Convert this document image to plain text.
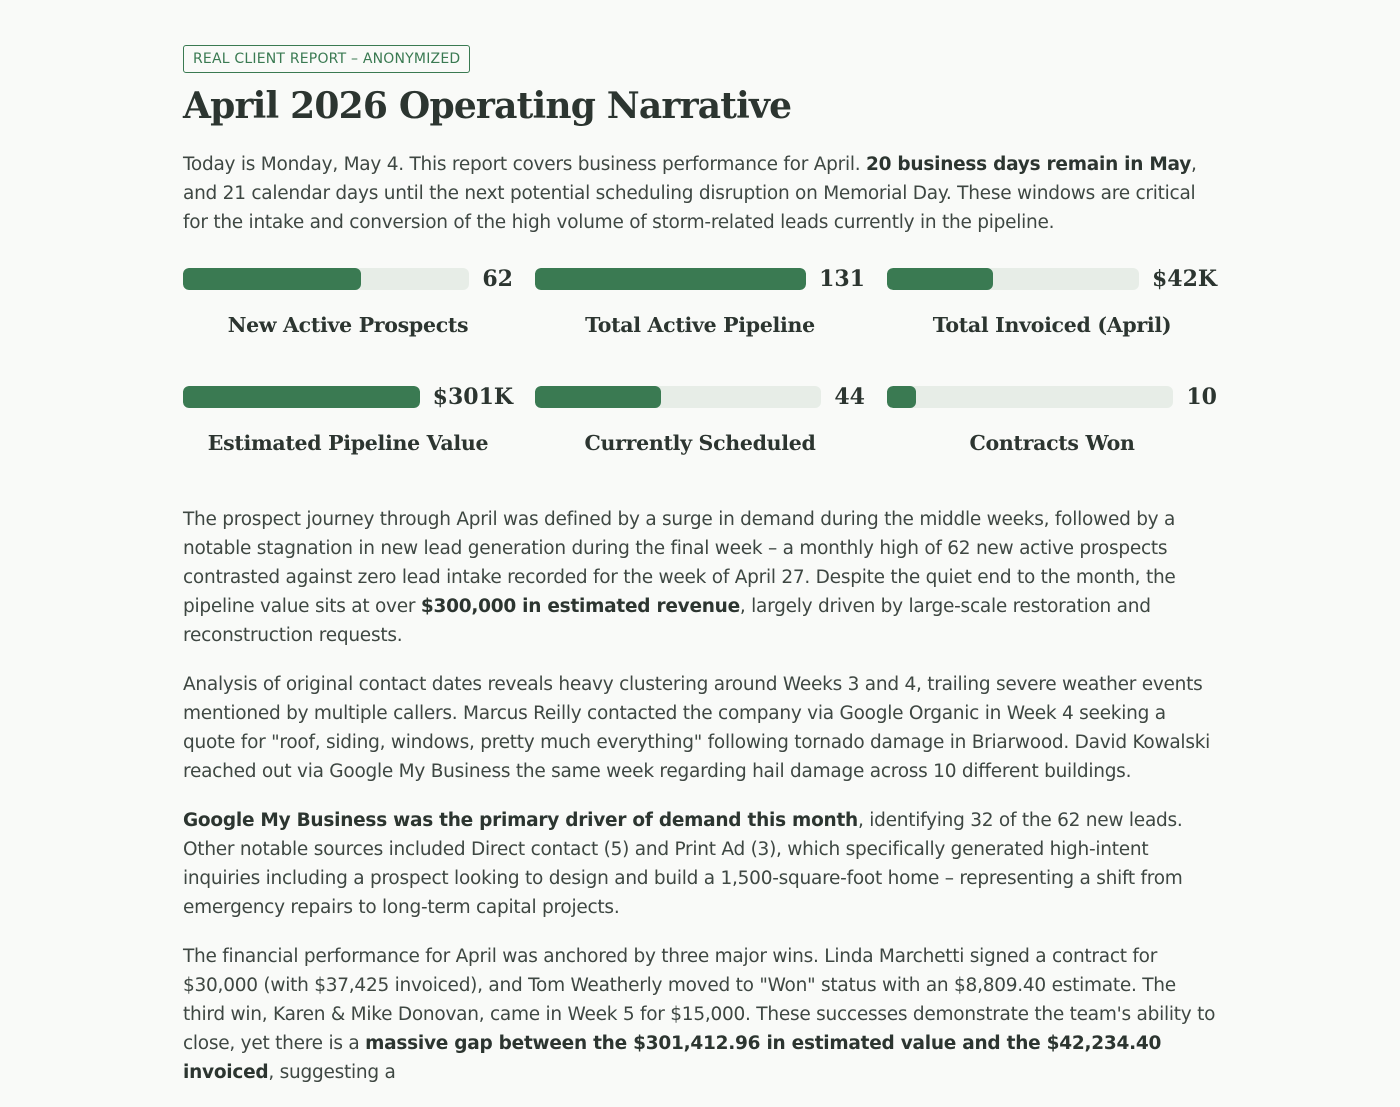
REAL CLIENT REPORT – ANONYMIZED
April 2026 Operating Narrative

Today is Monday, May 4. This report covers business performance for April. 20 business days remain in May, and 21 calendar days until the next potential scheduling disruption on Memorial Day. These windows are critical for the intake and conversion of the high volume of storm-related leads currently in the pipeline.

62
New Active Prospects
131
Total Active Pipeline
$42K
Total Invoiced (April)
$301K
Estimated Pipeline Value
44
Currently Scheduled
10
Contracts Won

The prospect journey through April was defined by a surge in demand during the middle weeks, followed by a notable stagnation in new lead generation during the final week – a monthly high of 62 new active prospects contrasted against zero lead intake recorded for the week of April 27. Despite the quiet end to the month, the pipeline value sits at over $300,000 in estimated revenue, largely driven by large-scale restoration and reconstruction requests.

Analysis of original contact dates reveals heavy clustering around Weeks 3 and 4, trailing severe weather events mentioned by multiple callers. Marcus Reilly contacted the company via Google Organic in Week 4 seeking a quote for "roof, siding, windows, pretty much everything" following tornado damage in Briarwood. David Kowalski reached out via Google My Business the same week regarding hail damage across 10 different buildings.

Google My Business was the primary driver of demand this month, identifying 32 of the 62 new leads. Other notable sources included Direct contact (5) and Print Ad (3), which specifically generated high-intent inquiries including a prospect looking to design and build a 1,500-square-foot home – representing a shift from emergency repairs to long-term capital projects.

The financial performance for April was anchored by three major wins. Linda Marchetti signed a contract for $30,000 (with $37,425 invoiced), and Tom Weatherly moved to "Won" status with an $8,809.40 estimate. The third win, Karen & Mike Donovan, came in Week 5 for $15,000. These successes demonstrate the team's ability to close, yet there is a massive gap between the $301,412.96 in estimated value and the $42,234.40 invoiced, suggesting a
